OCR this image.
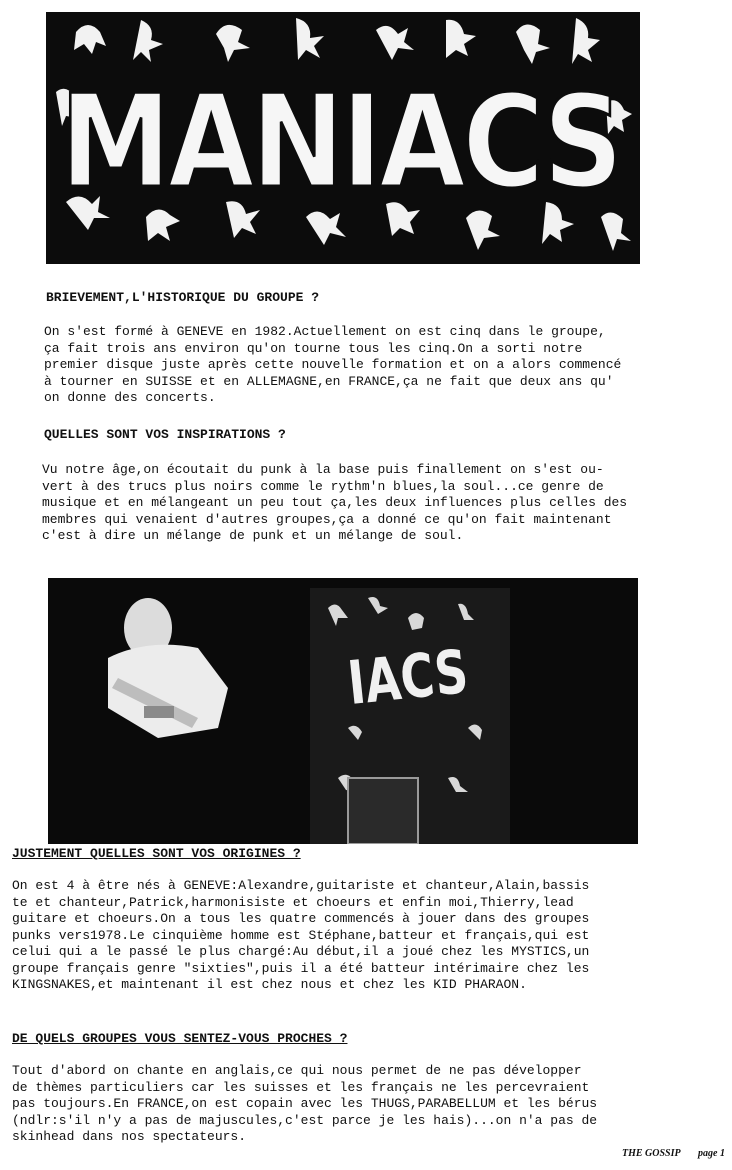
MANIACS
BRIEVEMENT,L'HISTORIQUE DU GROUPE ?

On s'est formé à GENEVE en 1982.Actuellement on est cinq dans le groupe,
ça fait trois ans environ qu'on tourne tous les cinq.On a sorti notre
premier disque juste après cette nouvelle formation et on a alors commencé
à tourner en SUISSE et en ALLEMAGNE,en FRANCE,ça ne fait que deux ans qu'
on donne des concerts.

QUELLES SONT VOS INSPIRATIONS ?

Vu notre âge,on écoutait du punk à la base puis finallement on s'est ou-
vert à des trucs plus noirs comme le rythm'n blues,la soul...ce genre de
musique et en mélangeant un peu tout ça,les deux influences plus celles des
membres qui venaient d'autres groupes,ça a donné ce qu'on fait maintenant
c'est à dire un mélange de punk et un mélange de soul.

IACS
JUSTEMENT QUELLES SONT VOS ORIGINES ?

On est 4 à être nés à GENEVE:Alexandre,guitariste et chanteur,Alain,bassis
te et chanteur,Patrick,harmonisiste et choeurs et enfin moi,Thierry,lead
guitare et choeurs.On a tous les quatre commencés à jouer dans des groupes
punks vers1978.Le cinquième homme est Stéphane,batteur et français,qui est
celui qui a le passé le plus chargé:Au début,il a joué chez les MYSTICS,un
groupe français genre "sixties",puis il a été batteur intérimaire chez les
KINGSNAKES,et maintenant il est chez nous et chez les KID PHARAON.

DE QUELS GROUPES VOUS SENTEZ-VOUS PROCHES ?

Tout d'abord on chante en anglais,ce qui nous permet de ne pas développer
de thèmes particuliers car les suisses et les français ne les percevraient
pas toujours.En FRANCE,on est copain avec les THUGS,PARABELLUM et les bérus
(ndlr:s'il n'y a pas de majuscules,c'est parce je les hais)...on n'a pas de
skinhead dans nos spectateurs.

THE GOSSIP page 1
